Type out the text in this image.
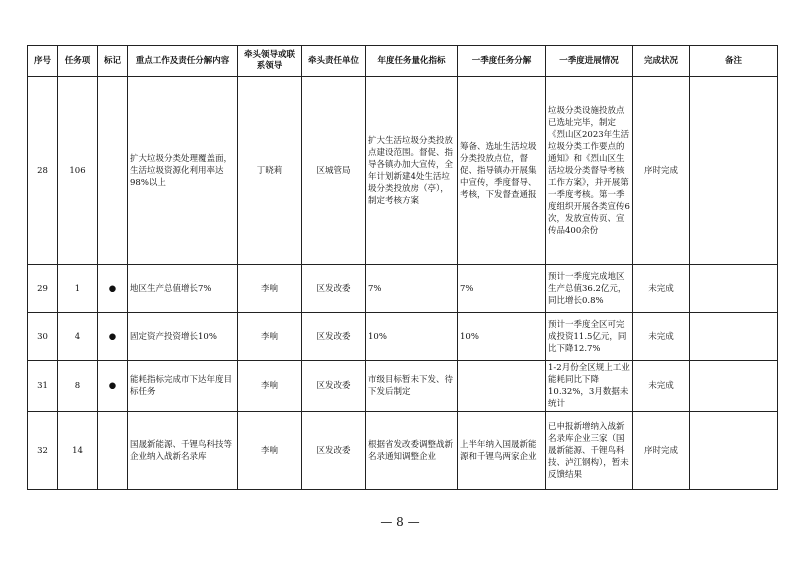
序号	任务项	标记	重点工作及责任分解内容	牵头领导或联系领导	牵头责任单位	年度任务量化指标	一季度任务分解	一季度进展情况	完成状况	备注
28	106		扩大垃圾分类处理覆盖面，生活垃圾资源化利用率达98%以上	丁晓莉	区城管局	扩大生活垃圾分类投放点建设范围。督促、指导各镇办加大宣传，全年计划新建4处生活垃圾分类投放房（亭），制定考核方案	筹备、选址生活垃圾分类投放点位，督促、指导镇办开展集中宣传，季度督导、考核，下发督查通报	垃圾分类设施投放点已选址完毕，制定《烈山区2023年生活垃圾分类工作要点的通知》和《烈山区生活垃圾分类督导考核工作方案》，并开展第一季度考核。第一季度组织开展各类宣传6次，发放宣传页、宣传品400余份	序时完成	
29	1	●	地区生产总值增长7%	李响	区发改委	7%	7%	预计一季度完成地区生产总值36.2亿元，同比增长0.8%	未完成	
30	4	●	固定资产投资增长10%	李响	区发改委	10%	10%	预计一季度全区可完成投资11.5亿元，同比下降12.7%	未完成	
31	8	●	能耗指标完成市下达年度目标任务	李响	区发改委	市级目标暂未下发、待下发后制定		1-2月份全区规上工业能耗同比下降10.32%，3月数据未统计	未完成	
32	14		国晟新能源、千锂鸟科技等企业纳入战新名录库	李响	区发改委	根据省发改委调整战新名录通知调整企业	上半年纳入国晟新能源和千锂鸟两家企业	已申报新增纳入战新名录库企业三家（国晟新能源、千锂鸟科技、泸江钢构），暂未反馈结果	序时完成	
— 8 —
